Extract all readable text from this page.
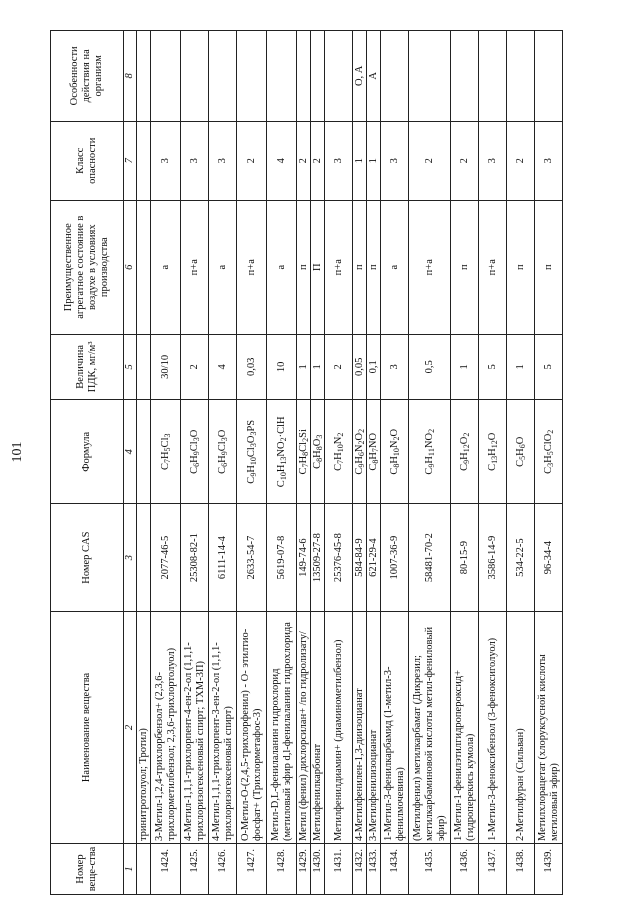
101
Номер веще-ства	Наименование вещества	Номер CAS	Формула	Величина ПДК, мг/м³	Преимущественное агрегатное состояние в воздухе в условиях производства	Класс опасности	Особенности действия на организм
1	2	3	4	5	6	7	8
	тринитротолуол; Тротил)						
1424.	3-Метил-1,2,4-трихлорбензол+ (2,3,6-трихлорметилбензол; 2,3,6-трихлортолуол)	2077-46-5	$C_7H_5Cl_3$	30/10	а	3	
1425.	4-Метил-1,1,1-трихлорпент-4-ен-2-ол (1,1,1-трихлоризогексеновый спирт; ТХМ-3П)	25308-82-1	$C_6H_9Cl_3O$	2	п+а	3	
1426.	4-Метил-1,1,1-трихлорпент-3-ен-2-ол (1,1,1-трихлоризогексеновый спирт)	6111-14-4	$C_6H_9Cl_3O$	4	а	3	
1427.	О-Метил-О-(2,4,5-трихлорфенил) - О- этилтио-фосфат+ (Трихлорметафос-3)	2633-54-7	$C_9H_{10}Cl_3O_3PS$	0,03	п+а	2	
1428.	Метил-D,L-фенилаланин гидрохлорид (метиловый эфир d,l-фенилаланин гидрохлорида	5619-07-8	$C_{10}H_{13}NO_2\cdot ClH$	10	а	4	
1429.	Метил (фенил) дихлорсилан+ /по гидролизату/	149-74-6	$C_7H_8Cl_2Si$	1	п	2	
1430.	Метилфенилкарбонат	13509-27-8	$C_8H_8O_3$	1	П	2	
1431.	Метилфенилдиамин+ (диаминометилбензол)	25376-45-8	$C_7H_{10}N_2$	2	п+а	3	
1432.	4-Метилфенилен-1,3-диизоцианат	584-84-9	$C_9H_6N_2O_2$	0,05	п	1	О, А
1433.	3-Метилфенилизоцианат	621-29-4	$C_8H_7NO$	0,1	п	1	А
1434.	1-Метил-3-фенилкарбамид (1-метил-3-фенилмочевина)	1007-36-9	$C_8H_{10}N_2O$	3	а	3	
1435.	(Метилфенил) метилкарбамат (Дикрезил; метилкарбаминовой кислоты метил-фениловый эфир)	58481-70-2	$C_9H_{11}NO_2$	0,5	п+а	2	
1436.	1-Метил-1-фенилэтилгидропероксид+ (гидроперекись кумола)	80-15-9	$C_9H_{12}O_2$	1	п	2	
1437.	1-Метил-3-феноксибензол (3-феноксиголуол)	3586-14-9	$C_{13}H_{12}O$	5	п+а	3	
1438.	2-Метилфуран (Сильван)	534-22-5	$C_5H_6O$	1	п	2	
1439.	Метилхлорацетат (хлоруксусной кислоты метиловый эфир)	96-34-4	$C_3H_5ClO_2$	5	п	3	
